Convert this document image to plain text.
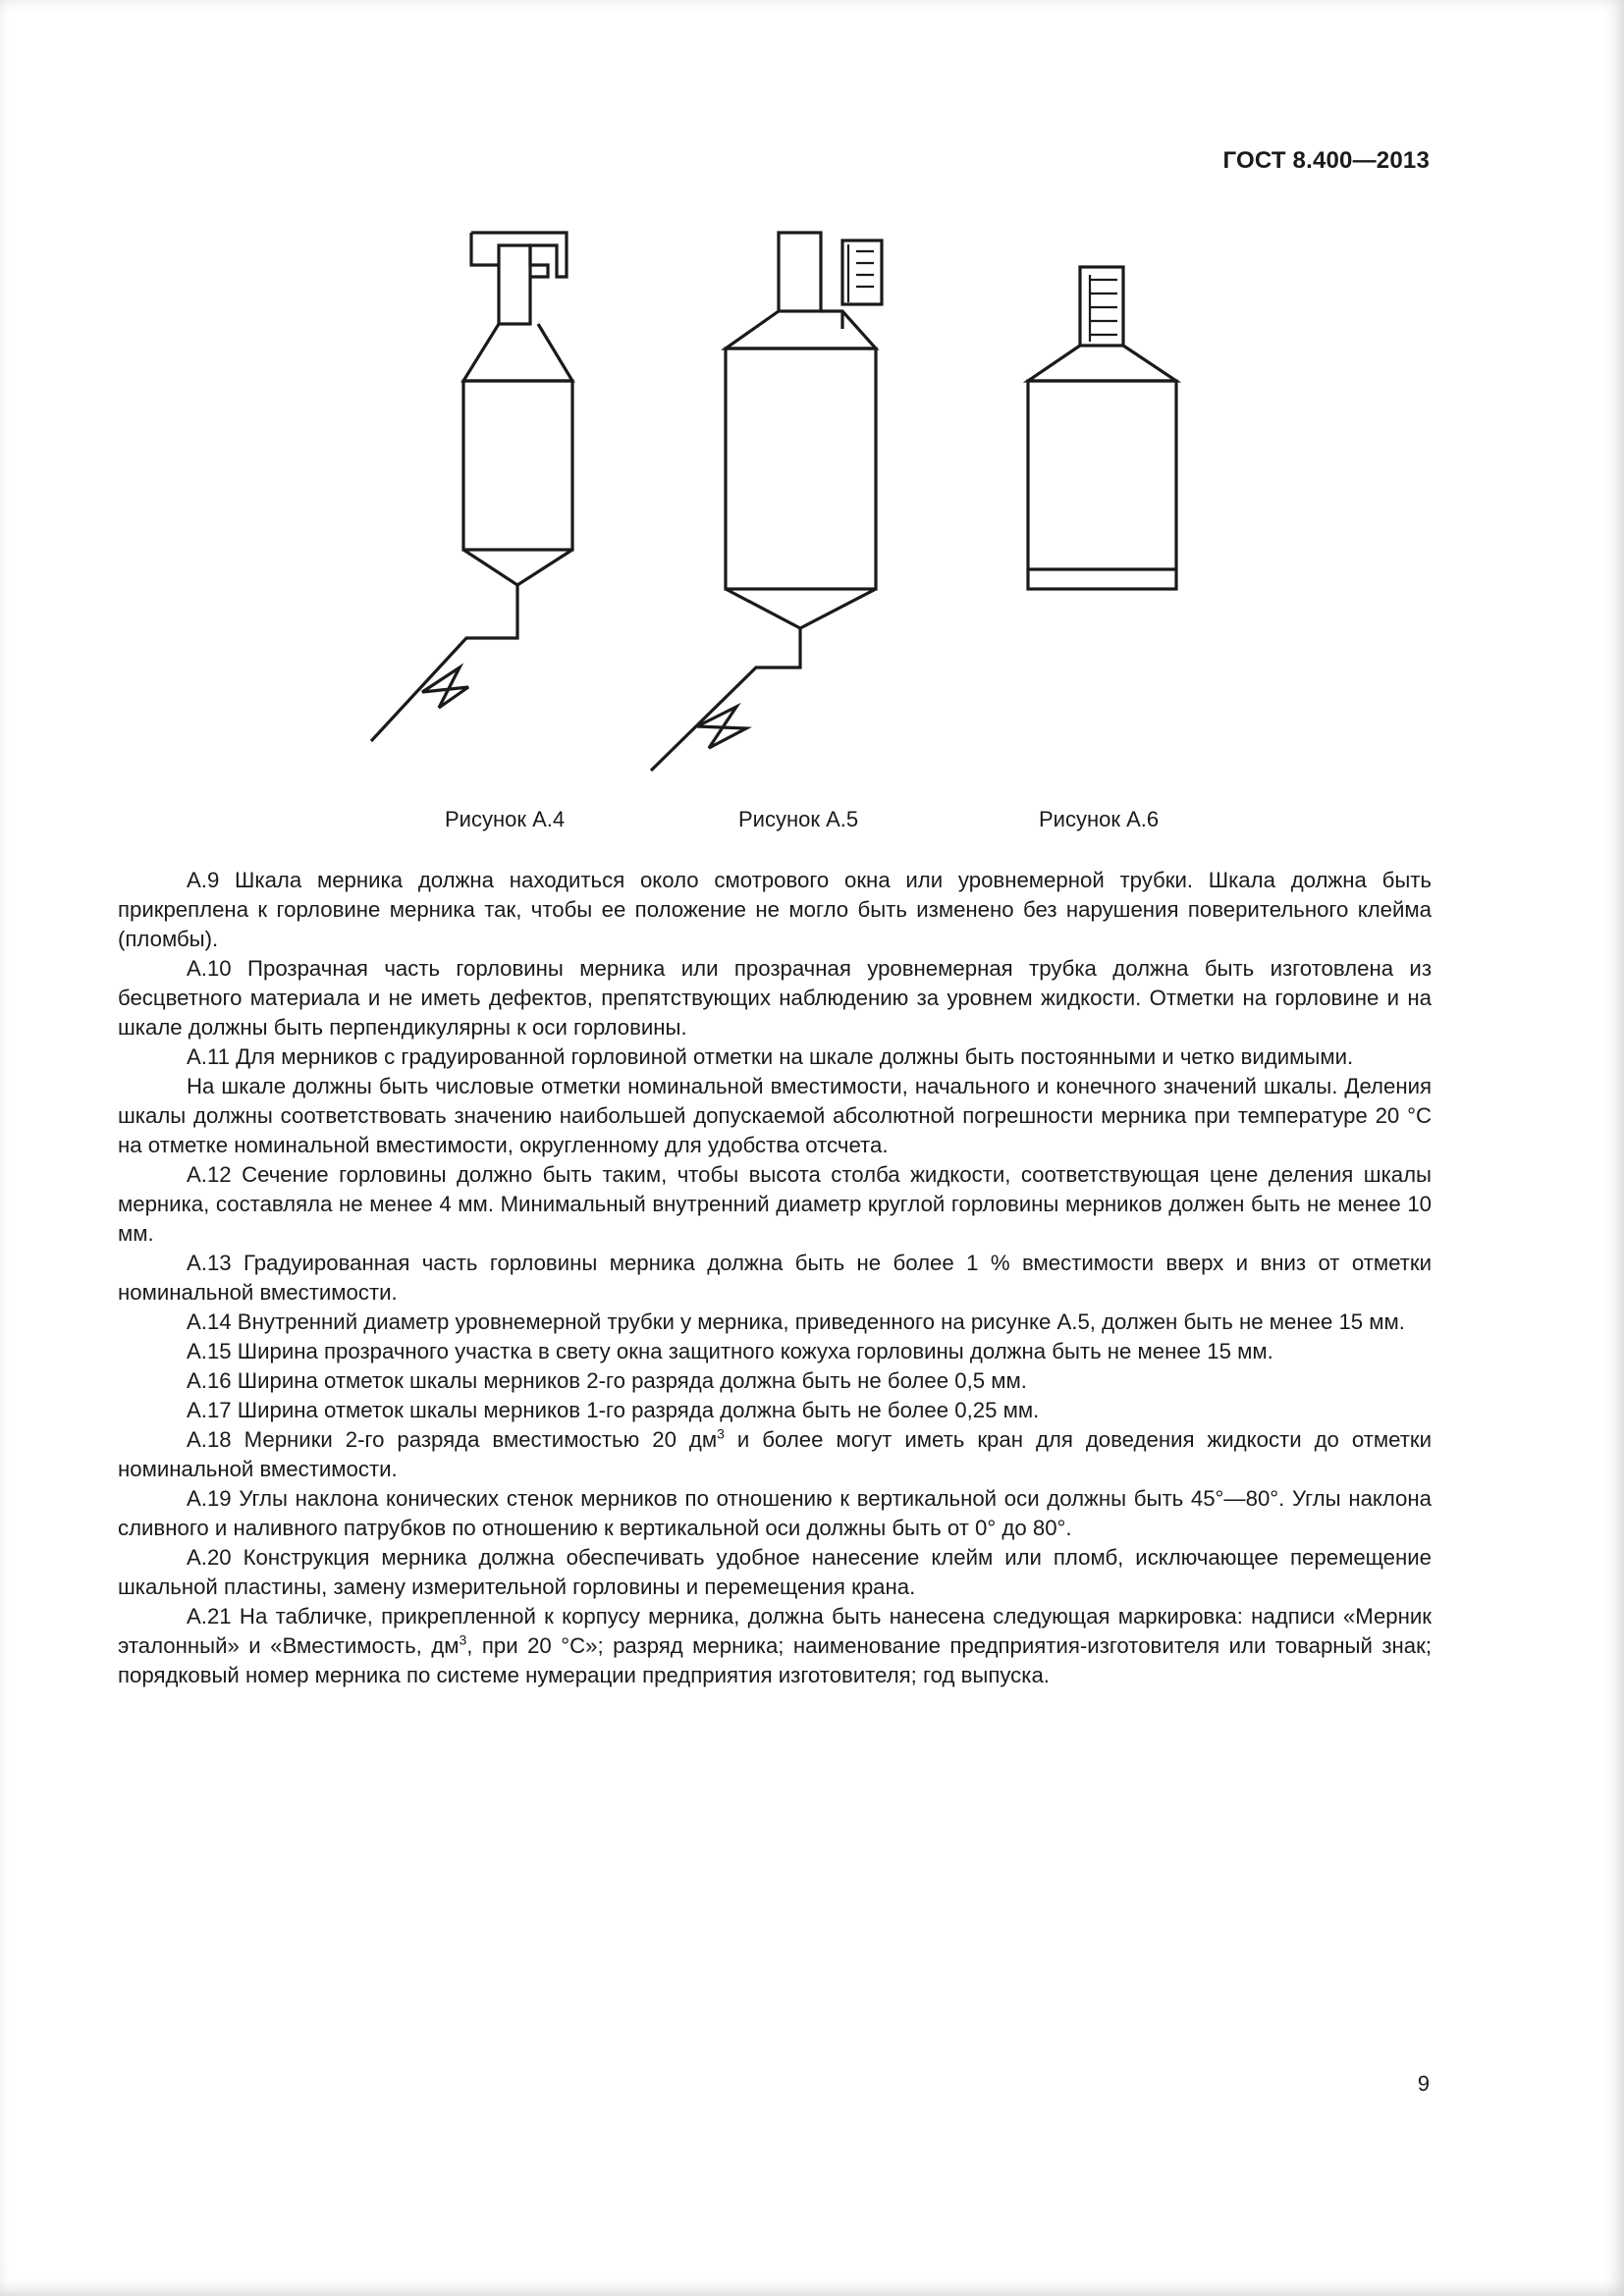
ГОСТ 8.400—2013
Рисунок А.4	Рисунок А.5	Рисунок А.6

А.9 Шкала мерника должна находиться около смотрового окна или уровнемерной трубки. Шкала должна быть прикреплена к горловине мерника так, чтобы ее положение не могло быть изменено без нарушения поверительного клейма (пломбы).

А.10 Прозрачная часть горловины мерника или прозрачная уровнемерная трубка должна быть изготовлена из бесцветного материала и не иметь дефектов, препятствующих наблюдению за уровнем жидкости. Отметки на горловине и на шкале должны быть перпендикулярны к оси горловины.

А.11 Для мерников с градуированной горловиной отметки на шкале должны быть постоянными и четко видимыми.

На шкале должны быть числовые отметки номинальной вместимости, начального и конечного значений шкалы. Деления шкалы должны соответствовать значению наибольшей допускаемой абсолютной погрешности мерника при температуре 20 °С на отметке номинальной вместимости, округленному для удобства отсчета.

А.12 Сечение горловины должно быть таким, чтобы высота столба жидкости, соответствующая цене деления шкалы мерника, составляла не менее 4 мм. Минимальный внутренний диаметр круглой горловины мерников должен быть не менее 10 мм.

А.13 Градуированная часть горловины мерника должна быть не более 1 % вместимости вверх и вниз от отметки номинальной вместимости.

А.14 Внутренний диаметр уровнемерной трубки у мерника, приведенного на рисунке А.5, должен быть не менее 15 мм.

А.15 Ширина прозрачного участка в свету окна защитного кожуха горловины должна быть не менее 15 мм.

А.16 Ширина отметок шкалы мерников 2-го разряда должна быть не более 0,5 мм.

А.17 Ширина отметок шкалы мерников 1-го разряда должна быть не более 0,25 мм.

А.18 Мерники 2-го разряда вместимостью 20 $дм^3$ и более могут иметь кран для доведения жидкости до отметки номинальной вместимости.

А.19 Углы наклона конических стенок мерников по отношению к вертикальной оси должны быть 45°—80°. Углы наклона сливного и наливного патрубков по отношению к вертикальной оси должны быть от 0° до 80°.

А.20 Конструкция мерника должна обеспечивать удобное нанесение клейм или пломб, исключающее перемещение шкальной пластины, замену измерительной горловины и перемещения крана.

А.21 На табличке, прикрепленной к корпусу мерника, должна быть нанесена следующая маркировка: надписи «Мерник эталонный» и «Вместимость, $дм^3$, при 20 °С»; разряд мерника; наименование предприятия-изготовителя или товарный знак; порядковый номер мерника по системе нумерации предприятия изготовителя; год выпуска.

9
